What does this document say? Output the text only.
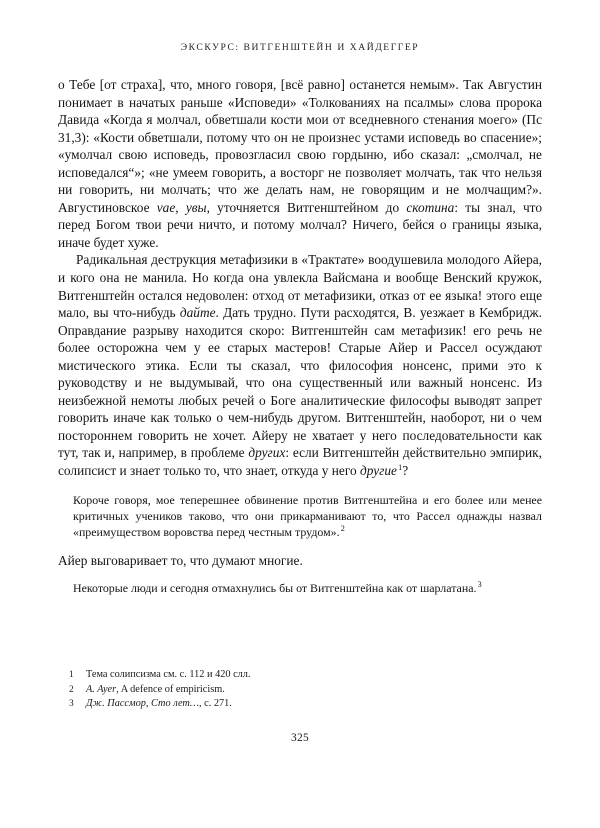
ЭКСКУРС: ВИТГЕНШТЕЙН И ХАЙДЕГГЕР

о Тебе [от страха], что, много говоря, [всё равно] останется немым». Так Августин понимает в начатых раньше «Исповеди» «Толкованиях на псалмы» слова пророка Давида «Когда я молчал, обветшали кости мои от вседневного стенания моего» (Пс 31,3): «Кости обветшали, потому что он не произнес устами исповедь во спасение»; «умолчал свою исповедь, провозгласил свою гордыню, ибо сказал: „смолчал, не исповедался“»; «не умеем говорить, а восторг не позволяет молчать, так что нельзя ни говорить, ни молчать; что же делать нам, не говорящим и не молчащим?». Августиновское vae, увы, уточняется Витгенштейном до скотина: ты знал, что перед Богом твои речи ничто, и потому молчал? Ничего, бейся о границы языка, иначе будет хуже.

Радикальная деструкция метафизики в «Трактате» воодушевила молодого Айера, и кого она не манила. Но когда она увлекла Вайсмана и вообще Венский кружок, Витгенштейн остался недоволен: отход от метафизики, отказ от ее языка! этого еще мало, вы что-нибудь дайте. Дать трудно. Пути расходятся, В. уезжает в Кембридж. Оправдание разрыву находится скоро: Витгенштейн сам метафизик! его речь не более осторожна чем у ее старых мастеров! Старые Айер и Рассел осуждают мистического этика. Если ты сказал, что философия нонсенс, прими это к руководству и не выдумывай, что она существенный или важный нонсенс. Из неизбежной немоты любых речей о Боге аналитические философы выводят запрет говорить иначе как только о чем-нибудь другом. Витгенштейн, наоборот, ни о чем постороннем говорить не хочет. Айеру не хватает у него последовательности как тут, так и, например, в проблеме других: если Витгенштейн действительно эмпирик, солипсист и знает только то, что знает, откуда у него другие$^1$?

Короче говоря, мое теперешнее обвинение против Витгенштейна и его более или менее критичных учеников таково, что они прикарманивают то, что Рассел однажды назвал «преимуществом воровства перед честным трудом».$^2$

Айер выговаривает то, что думают многие.

Некоторые люди и сегодня отмахнулись бы от Витгенштейна как от шарлатана.$^3$
1	Тема солипсизма см. с. 112 и 420 слл.
2	A. Ayer, A defence of empiricism.
3	Дж. Пассмор, Сто лет…, с. 271.
325
